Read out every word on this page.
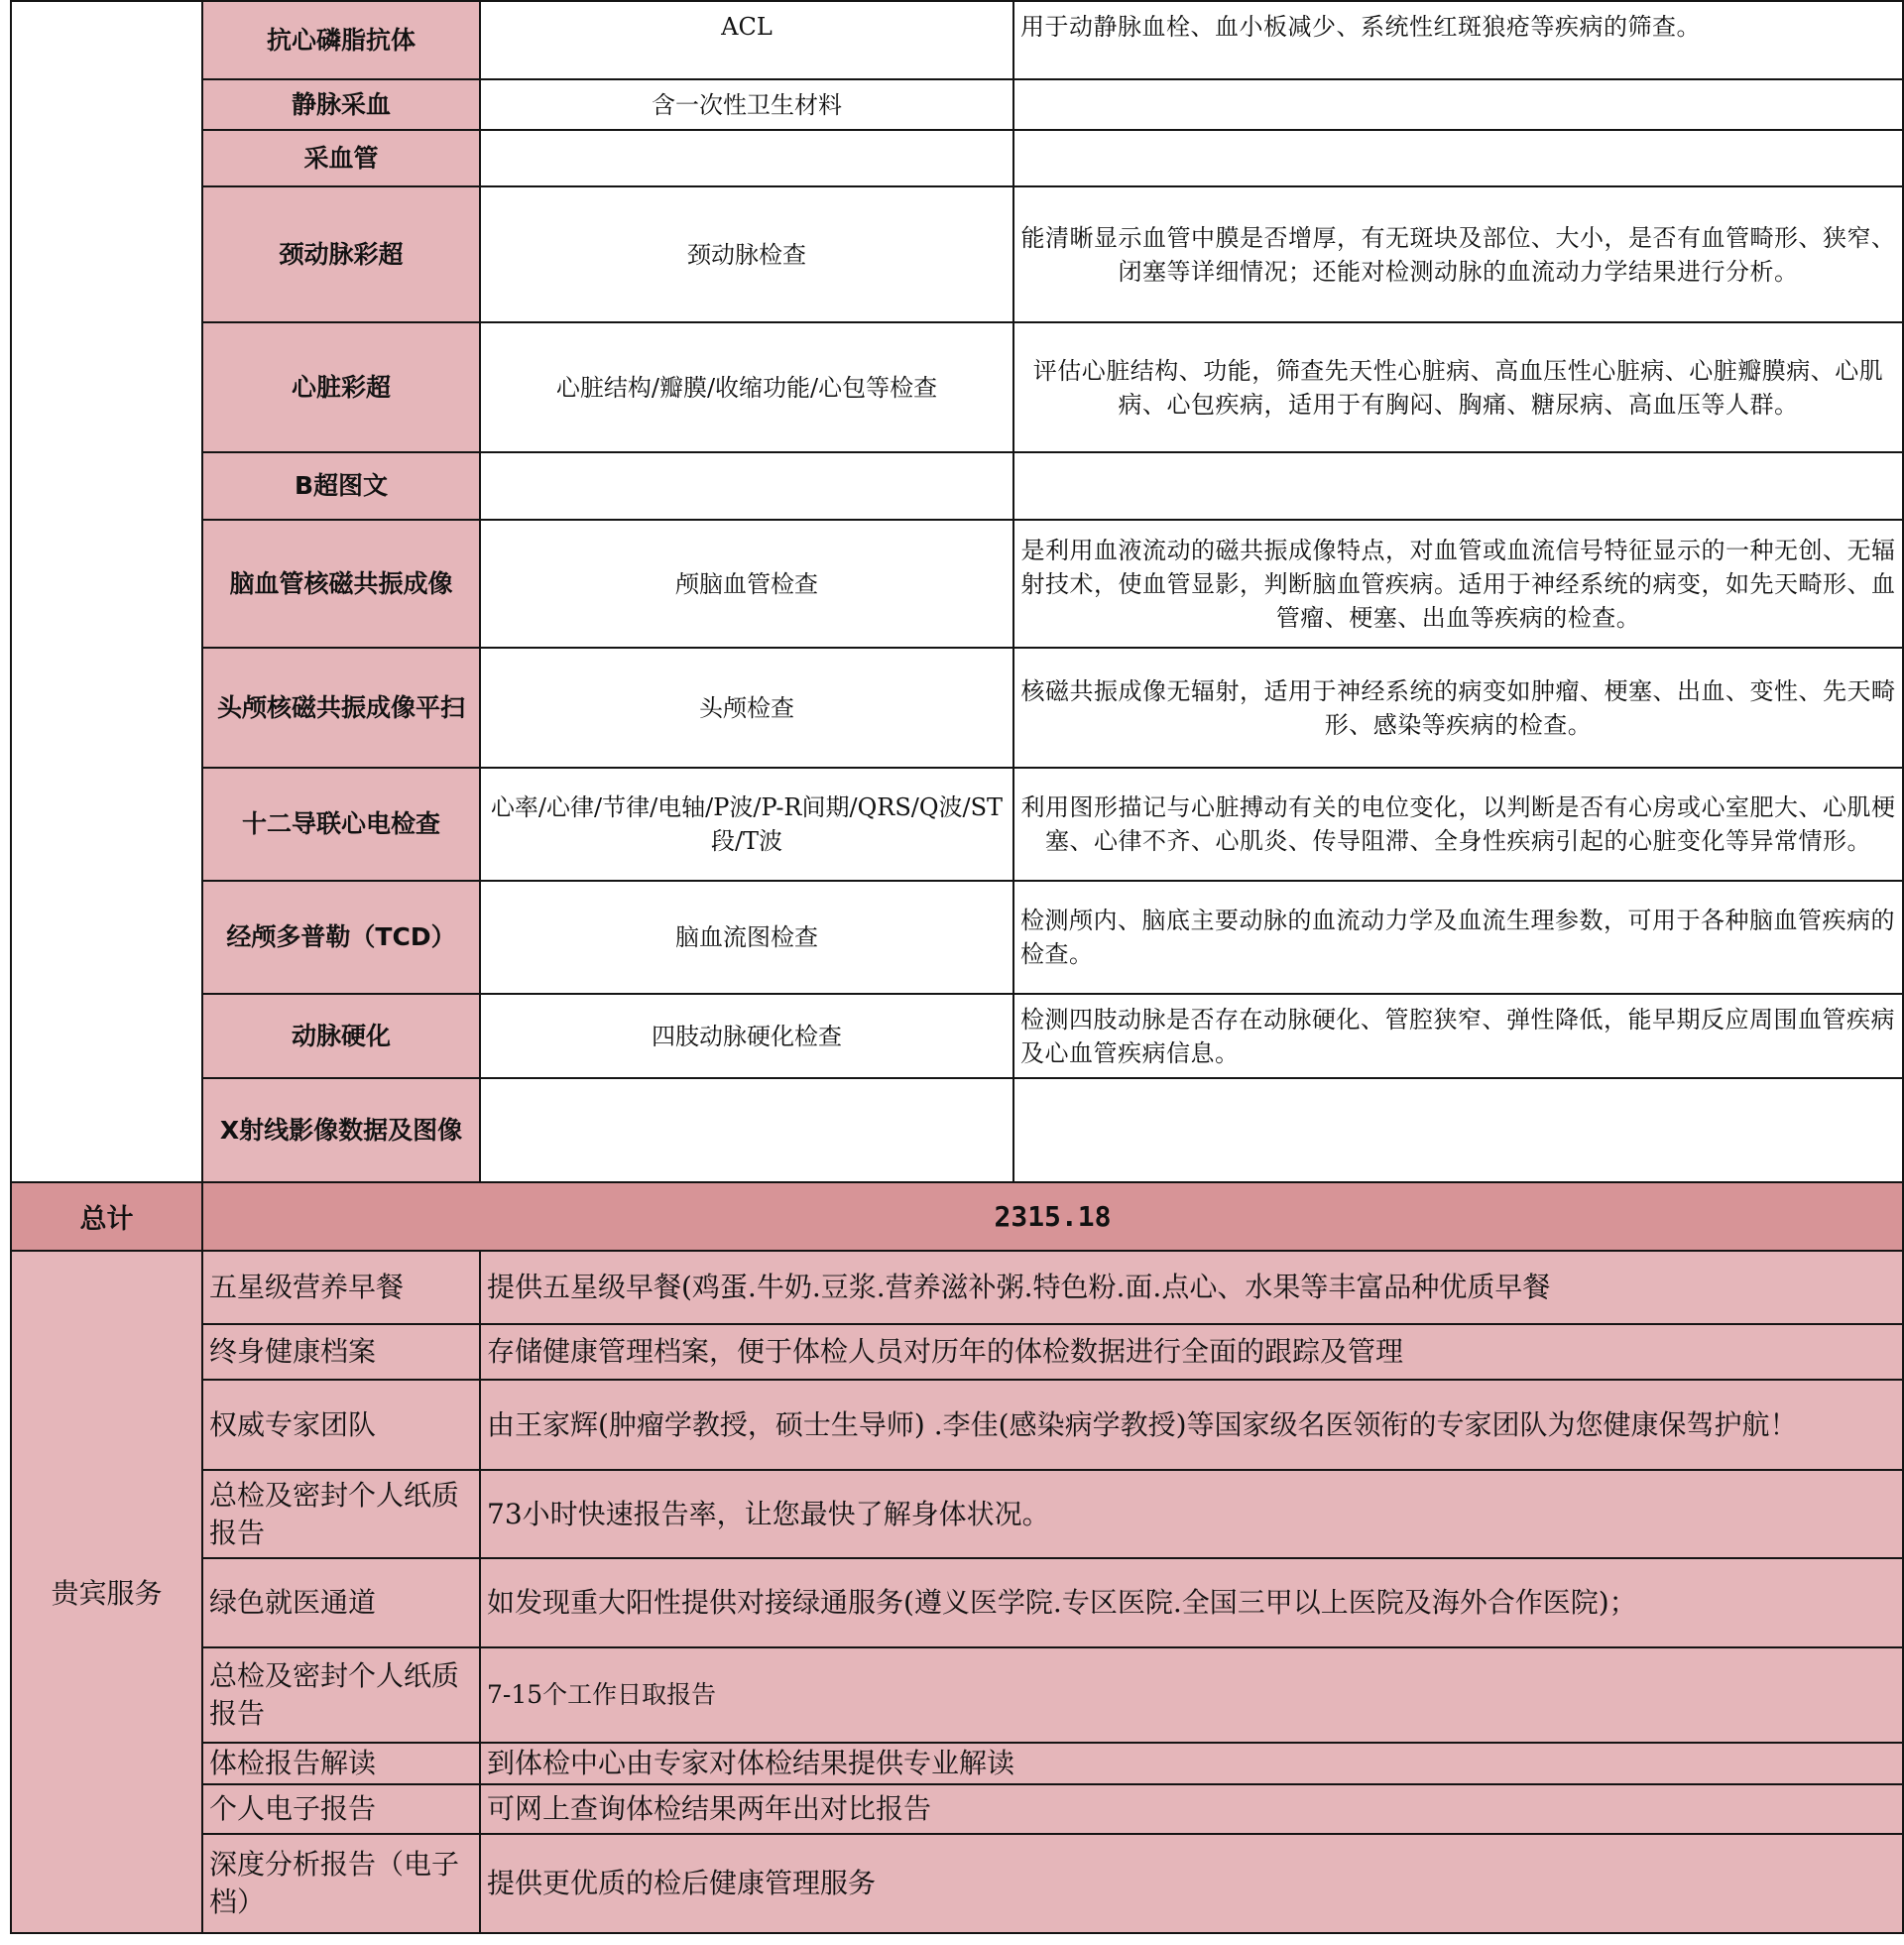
	抗心磷脂抗体	ACL	用于动静脉血栓、血小板减少、系统性红斑狼疮等疾病的筛查。
	静脉采血	含一次性卫生材料	
	采血管		
	颈动脉彩超	颈动脉检查	能清晰显示血管中膜是否增厚，有无斑块及部位、大小，是否有血管畸形、狭窄、闭塞等详细情况；还能对检测动脉的血流动力学结果进行分析。
	心脏彩超	心脏结构/瓣膜/收缩功能/心包等检查	评估心脏结构、功能，筛查先天性心脏病、高血压性心脏病、心脏瓣膜病、心肌病、心包疾病，适用于有胸闷、胸痛、糖尿病、高血压等人群。
	B超图文		
	脑血管核磁共振成像	颅脑血管检查	是利用血液流动的磁共振成像特点，对血管或血流信号特征显示的一种无创、无辐射技术，使血管显影，判断脑血管疾病。适用于神经系统的病变，如先天畸形、血管瘤、梗塞、出血等疾病的检查。
	头颅核磁共振成像平扫	头颅检查	核磁共振成像无辐射，适用于神经系统的病变如肿瘤、梗塞、出血、变性、先天畸形、感染等疾病的检查。
	十二导联心电检查	心率/心律/节律/电轴/P波/P-R间期/QRS/Q波/ST段/T波	利用图形描记与心脏搏动有关的电位变化，以判断是否有心房或心室肥大、心肌梗塞、心律不齐、心肌炎、传导阻滞、全身性疾病引起的心脏变化等异常情形。
	经颅多普勒（TCD）	脑血流图检查	检测颅内、脑底主要动脉的血流动力学及血流生理参数，可用于各种脑血管疾病的检查。
	动脉硬化	四肢动脉硬化检查	检测四肢动脉是否存在动脉硬化、管腔狭窄、弹性降低，能早期反应周围血管疾病及心血管疾病信息。
	X射线影像数据及图像		
总计	2315.18		
贵宾服务	五星级营养早餐	提供五星级早餐(鸡蛋.牛奶.豆浆.营养滋补粥.特色粉.面.点心、水果等丰富品种优质早餐	
	终身健康档案	存储健康管理档案，便于体检人员对历年的体检数据进行全面的跟踪及管理	
	权威专家团队	由王家辉(肿瘤学教授，硕士生导师) .李佳(感染病学教授)等国家级名医领衔的专家团队为您健康保驾护航！	
	总检及密封个人纸质报告	73小时快速报告率，让您最快了解身体状况。	
	绿色就医通道	如发现重大阳性提供对接绿通服务(遵义医学院.专区医院.全国三甲以上医院及海外合作医院)；	
	总检及密封个人纸质报告	7-15个工作日取报告	
	体检报告解读	到体检中心由专家对体检结果提供专业解读	
	个人电子报告	可网上查询体检结果两年出对比报告	
	深度分析报告（电子档）	提供更优质的检后健康管理服务	
